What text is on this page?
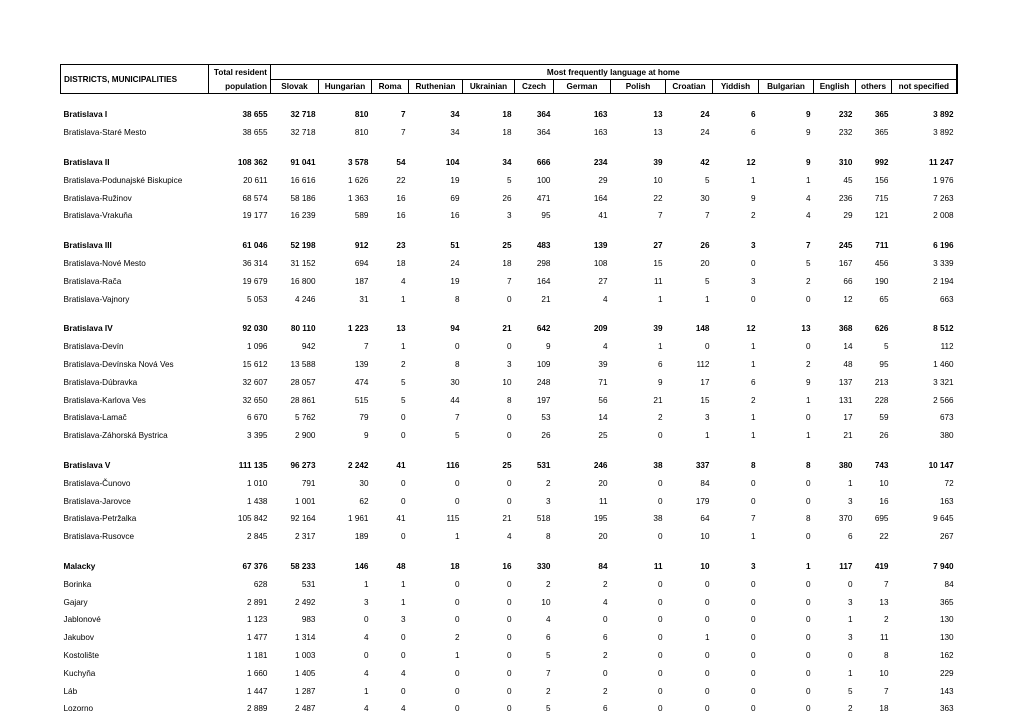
DISTRICTS, MUNICIPALITIES	Total resident	Most frequently language at home													
	population	Slovak	Hungarian	Roma	Ruthenian	Ukrainian	Czech	German	Polish	Croatian	Yiddish	Bulgarian	English	others	not specified

Bratislava I	38 655	32 718	810	7	34	18	364	163	13	24	6	9	232	365	3 892
Bratislava-Staré Mesto	38 655	32 718	810	7	34	18	364	163	13	24	6	9	232	365	3 892

Bratislava II	108 362	91 041	3 578	54	104	34	666	234	39	42	12	9	310	992	11 247
Bratislava-Podunajské Biskupice	20 611	16 616	1 626	22	19	5	100	29	10	5	1	1	45	156	1 976
Bratislava-Ružinov	68 574	58 186	1 363	16	69	26	471	164	22	30	9	4	236	715	7 263
Bratislava-Vrakuňa	19 177	16 239	589	16	16	3	95	41	7	7	2	4	29	121	2 008

Bratislava III	61 046	52 198	912	23	51	25	483	139	27	26	3	7	245	711	6 196
Bratislava-Nové Mesto	36 314	31 152	694	18	24	18	298	108	15	20	0	5	167	456	3 339
Bratislava-Rača	19 679	16 800	187	4	19	7	164	27	11	5	3	2	66	190	2 194
Bratislava-Vajnory	5 053	4 246	31	1	8	0	21	4	1	1	0	0	12	65	663

Bratislava IV	92 030	80 110	1 223	13	94	21	642	209	39	148	12	13	368	626	8 512
Bratislava-Devín	1 096	942	7	1	0	0	9	4	1	0	1	0	14	5	112
Bratislava-Devínska Nová Ves	15 612	13 588	139	2	8	3	109	39	6	112	1	2	48	95	1 460
Bratislava-Dúbravka	32 607	28 057	474	5	30	10	248	71	9	17	6	9	137	213	3 321
Bratislava-Karlova Ves	32 650	28 861	515	5	44	8	197	56	21	15	2	1	131	228	2 566
Bratislava-Lamač	6 670	5 762	79	0	7	0	53	14	2	3	1	0	17	59	673
Bratislava-Záhorská Bystrica	3 395	2 900	9	0	5	0	26	25	0	1	1	1	21	26	380

Bratislava V	111 135	96 273	2 242	41	116	25	531	246	38	337	8	8	380	743	10 147
Bratislava-Čunovo	1 010	791	30	0	0	0	2	20	0	84	0	0	1	10	72
Bratislava-Jarovce	1 438	1 001	62	0	0	0	3	11	0	179	0	0	3	16	163
Bratislava-Petržalka	105 842	92 164	1 961	41	115	21	518	195	38	64	7	8	370	695	9 645
Bratislava-Rusovce	2 845	2 317	189	0	1	4	8	20	0	10	1	0	6	22	267

Malacky	67 376	58 233	146	48	18	16	330	84	11	10	3	1	117	419	7 940
Borinka	628	531	1	1	0	0	2	2	0	0	0	0	0	7	84
Gajary	2 891	2 492	3	1	0	0	10	4	0	0	0	0	3	13	365
Jablonové	1 123	983	0	3	0	0	4	0	0	0	0	0	1	2	130
Jakubov	1 477	1 314	4	0	2	0	6	6	0	1	0	0	3	11	130
Kostolište	1 181	1 003	0	0	1	0	5	2	0	0	0	0	0	8	162
Kuchyňa	1 660	1 405	4	4	0	0	7	0	0	0	0	0	1	10	229
Láb	1 447	1 287	1	0	0	0	2	2	0	0	0	0	5	7	143
Lozorno	2 889	2 487	4	4	0	0	5	6	0	0	0	0	2	18	363
